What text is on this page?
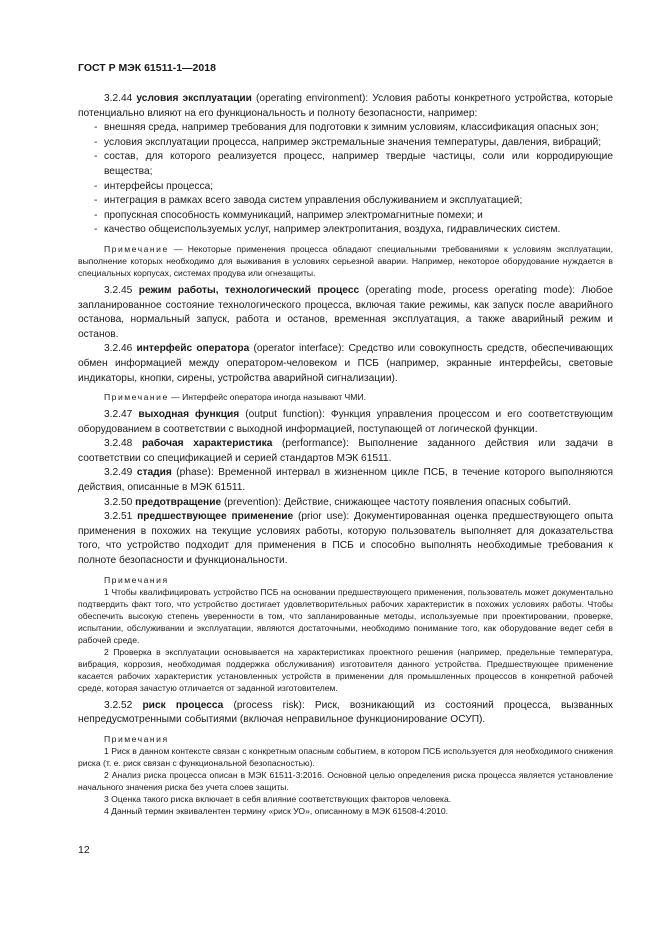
ГОСТ Р МЭК 61511-1—2018

3.2.44 условия эксплуатации (operating environment): Условия работы конкретного устройства, которые потенциально влияют на его функциональность и полноту безопасности, например:

- внешняя среда, например требования для подготовки к зимним условиям, классификация опасных зон;

- условия эксплуатации процесса, например экстремальные значения температуры, давления, вибраций;

- состав, для которого реализуется процесс, например твердые частицы, соли или корродирующие вещества;

- интерфейсы процесса;

- интеграция в рамках всего завода систем управления обслуживанием и эксплуатацией;

- пропускная способность коммуникаций, например электромагнитные помехи; и

- качество общеиспользуемых услуг, например электропитания, воздуха, гидравлических систем.

Примечание — Некоторые применения процесса обладают специальными требованиями к условиям эксплуатации, выполнение которых необходимо для выживания в условиях серьезной аварии. Например, некоторое оборудование нуждается в специальных корпусах, системах продува или огнезащиты.

3.2.45 режим работы, технологический процесс (operating mode, process operating mode): Любое запланированное состояние технологического процесса, включая такие режимы, как запуск после аварийного останова, нормальный запуск, работа и останов, временная эксплуатация, а также аварийный режим и останов.

3.2.46 интерфейс оператора (operator interface): Средство или совокупность средств, обеспечивающих обмен информацией между оператором-человеком и ПСБ (например, экранные интерфейсы, световые индикаторы, кнопки, сирены, устройства аварийной сигнализации).

Примечание — Интерфейс оператора иногда называют ЧМИ.

3.2.47 выходная функция (output function): Функция управления процессом и его соответствующим оборудованием в соответствии с выходной информацией, поступающей от логической функции.

3.2.48 рабочая характеристика (performance): Выполнение заданного действия или задачи в соответствии со спецификацией и серией стандартов МЭК 61511.

3.2.49 стадия (phase): Временной интервал в жизненном цикле ПСБ, в течение которого выполняются действия, описанные в МЭК 61511.

3.2.50 предотвращение (prevention): Действие, снижающее частоту появления опасных событий.

3.2.51 предшествующее применение (prior use): Документированная оценка предшествующего опыта применения в похожих на текущие условиях работы, которую пользователь выполняет для доказательства того, что устройство подходит для применения в ПСБ и способно выполнять необходимые требования к полноте безопасности и функциональности.

Примечания

1 Чтобы квалифицировать устройство ПСБ на основании предшествующего применения, пользователь может документально подтвердить факт того, что устройство достигает удовлетворительных рабочих характеристик в похожих условиях работы. Чтобы обеспечить высокую степень уверенности в том, что запланированные методы, используемые при проектировании, проверке, испытании, обслуживании и эксплуатации, являются достаточными, необходимо понимание того, как оборудование ведет себя в рабочей среде.

2 Проверка в эксплуатации основывается на характеристиках проектного решения (например, предельные температура, вибрация, коррозия, необходимая поддержка обслуживания) изготовителя данного устройства. Предшествующее применение касается рабочих характеристик установленных устройств в применении для промышленных процессов в конкретной рабочей среде, которая зачастую отличается от заданной изготовителем.

3.2.52 риск процесса (process risk): Риск, возникающий из состояний процесса, вызванных непредусмотренными событиями (включая неправильное функционирование ОСУП).

Примечания

1 Риск в данном контексте связан с конкретным опасным событием, в котором ПСБ используется для необходимого снижения риска (т. е. риск связан с функциональной безопасностью).

2 Анализ риска процесса описан в МЭК 61511-3:2016. Основной целью определения риска процесса является установление начального значения риска без учета слоев защиты.

3 Оценка такого риска включает в себя влияние соответствующих факторов человека.

4 Данный термин эквивалентен термину «риск УО», описанному в МЭК 61508-4:2010.

12
